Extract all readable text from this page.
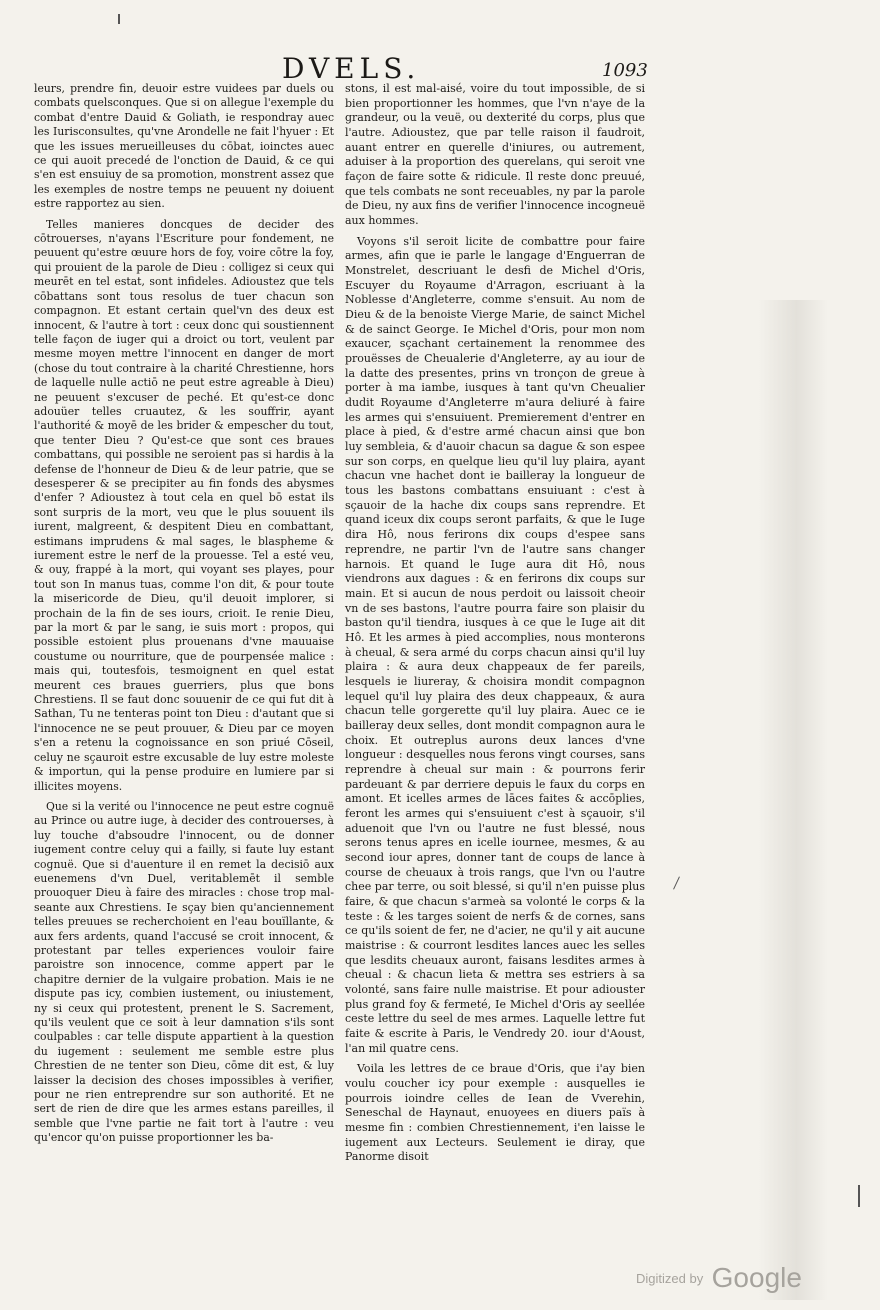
DVELS.	1093

leurs, prendre fin, deuoir estre vuidees par duels ou combats quelsconques. Que si on allegue l'exemple du combat d'entre Dauid & Goliath, ie respondray auec les Iurisconsultes, qu'vne Arondelle ne fait l'hyuer : Et que les issues merueilleuses du cōbat, ioinctes auec ce qui auoit precedé de l'onction de Dauid, & ce qui s'en est ensuiuy de sa promotion, monstrent assez que les exemples de nostre temps ne peuuent ny doiuent estre rapportez au sien.

Telles manieres doncques de decider des cōtrouerses, n'ayans l'Escriture pour fondement, ne peuuent qu'estre œuure hors de foy, voire cōtre la foy, qui prouient de la parole de Dieu : colligez si ceux qui meurēt en tel estat, sont infideles. Adioustez que tels cōbattans sont tous resolus de tuer chacun son compagnon. Et estant certain quel'vn des deux est innocent, & l'autre à tort : ceux donc qui soustiennent telle façon de iuger qui a droict ou tort, veulent par mesme moyen mettre l'innocent en danger de mort (chose du tout contraire à la charité Chrestienne, hors de laquelle nulle actiō ne peut estre agreable à Dieu) ne peuuent s'excuser de peché. Et qu'est-ce donc adouüer telles cruautez, & les souffrir, ayant l'authorité & moyē de les brider & empescher du tout, que tenter Dieu ? Qu'est-ce que sont ces braues combattans, qui possible ne seroient pas si hardis à la defense de l'honneur de Dieu & de leur patrie, que se desesperer & se precipiter au fin fonds des abysmes d'enfer ? Adioustez à tout cela en quel bō estat ils sont surpris de la mort, veu que le plus souuent ils iurent, malgreent, & despitent Dieu en combattant, estimans imprudens & mal sages, le blaspheme & iurement estre le nerf de la prouesse. Tel a esté veu, & ouy, frappé à la mort, qui voyant ses playes, pour tout son In manus tuas, comme l'on dit, & pour toute la misericorde de Dieu, qu'il deuoit implorer, si prochain de la fin de ses iours, crioit. Ie renie Dieu, par la mort & par le sang, ie suis mort : propos, qui possible estoient plus prouenans d'vne mauuaise coustume ou nourriture, que de pourpensée malice : mais qui, toutesfois, tesmoignent en quel estat meurent ces braues guerriers, plus que bons Chrestiens. Il se faut donc souuenir de ce qui fut dit à Sathan, Tu ne tenteras point ton Dieu : d'autant que si l'innocence ne se peut prouuer, & Dieu par ce moyen s'en a retenu la cognoissance en son priué Cōseil, celuy ne sçauroit estre excusable de luy estre moleste & importun, qui la pense produire en lumiere par si illicites moyens.

Que si la verité ou l'innocence ne peut estre cognuë au Prince ou autre iuge, à decider des controuerses, à luy touche d'absoudre l'innocent, ou de donner iugement contre celuy qui a failly, si faute luy estant cognuë. Que si d'auenture il en remet la decisiō aux euenemens d'vn Duel, veritablemēt il semble prouoquer Dieu à faire des miracles : chose trop mal-seante aux Chrestiens. Ie sçay bien qu'anciennement telles preuues se recherchoient en l'eau bouïllante, & aux fers ardents, quand l'accusé se croit innocent, & protestant par telles experiences vouloir faire paroistre son innocence, comme appert par le chapitre dernier de la vulgaire probation. Mais ie ne dispute pas icy, combien iustement, ou iniustement, ny si ceux qui protestent, prenent le S. Sacrement, qu'ils veulent que ce soit à leur damnation s'ils sont coulpables : car telle dispute appartient à la question du iugement : seulement me semble estre plus Chrestien de ne tenter son Dieu, cōme dit est, & luy laisser la decision des choses impossibles à verifier, pour ne rien entreprendre sur son authorité. Et ne sert de rien de dire que les armes estans pareilles, il semble que l'vne partie ne fait tort à l'autre : veu qu'encor qu'on puisse proportionner les ba-

stons, il est mal-aisé, voire du tout impossible, de si bien proportionner les hommes, que l'vn n'aye de la grandeur, ou la veuë, ou dexterité du corps, plus que l'autre. Adioustez, que par telle raison il faudroit, auant entrer en querelle d'iniures, ou autrement, aduiser à la proportion des querelans, qui seroit vne façon de faire sotte & ridicule. Il reste donc preuué, que tels combats ne sont receuables, ny par la parole de Dieu, ny aux fins de verifier l'innocence incogneuë aux hommes.

Voyons s'il seroit licite de combattre pour faire armes, afin que ie parle le langage d'Enguerran de Monstrelet, descriuant le desfi de Michel d'Oris, Escuyer du Royaume d'Arragon, escriuant à la Noblesse d'Angleterre, comme s'ensuit. Au nom de Dieu & de la benoiste Vierge Marie, de sainct Michel & de sainct George. Ie Michel d'Oris, pour mon nom exaucer, sçachant certainement la renommee des prouësses de Cheualerie d'Angleterre, ay au iour de la datte des presentes, prins vn tronçon de greue à porter à ma iambe, iusques à tant qu'vn Cheualier dudit Royaume d'Angleterre m'aura deliuré à faire les armes qui s'ensuiuent. Premierement d'entrer en place à pied, & d'estre armé chacun ainsi que bon luy sembleia, & d'auoir chacun sa dague & son espee sur son corps, en quelque lieu qu'il luy plaira, ayant chacun vne hachet dont ie bailleray la longueur de tous les bastons combattans ensuiuant : c'est à sçauoir de la hache dix coups sans reprendre. Et quand iceux dix coups seront parfaits, & que le Iuge dira Hô, nous ferirons dix coups d'espee sans reprendre, ne partir l'vn de l'autre sans changer harnois. Et quand le Iuge aura dit Hô, nous viendrons aux dagues : & en ferirons dix coups sur main. Et si aucun de nous perdoit ou laissoit cheoir vn de ses bastons, l'autre pourra faire son plaisir du baston qu'il tiendra, iusques à ce que le Iuge ait dit Hô. Et les armes à pied accomplies, nous monterons à cheual, & sera armé du corps chacun ainsi qu'il luy plaira : & aura deux chappeaux de fer pareils, lesquels ie liureray, & choisira mondit compagnon lequel qu'il luy plaira des deux chappeaux, & aura chacun telle gorgerette qu'il luy plaira. Auec ce ie bailleray deux selles, dont mondit compagnon aura le choix. Et outreplus aurons deux lances d'vne longueur : desquelles nous ferons vingt courses, sans reprendre à cheual sur main : & pourrons ferir pardeuant & par derriere depuis le faux du corps en amont. Et icelles armes de lāces faites & accōplies, feront les armes qui s'ensuiuent c'est à sçauoir, s'il aduenoit que l'vn ou l'autre ne fust blessé, nous serons tenus apres en icelle iournee, mesmes, & au second iour apres, donner tant de coups de lance à course de cheuaux à trois rangs, que l'vn ou l'autre chee par terre, ou soit blessé, si qu'il n'en puisse plus faire, & que chacun s'armeà sa volonté le corps & la teste : & les targes soient de nerfs & de cornes, sans ce qu'ils soient de fer, ne d'acier, ne qu'il y ait aucune maistrise : & courront lesdites lances auec les selles que lesdits cheuaux auront, faisans lesdites armes à cheual : & chacun lieta & mettra ses estriers à sa volonté, sans faire nulle maistrise. Et pour adiouster plus grand foy & fermeté, Ie Michel d'Oris ay seellée ceste lettre du seel de mes armes. Laquelle lettre fut faite & escrite à Paris, le Vendredy 20. iour d'Aoust, l'an mil quatre cens.

Voila les lettres de ce braue d'Oris, que i'ay bien voulu coucher icy pour exemple : ausquelles ie pourrois ioindre celles de Iean de Vverehin, Seneschal de Haynaut, enuoyees en diuers païs à mesme fin : combien Chrestiennement, i'en laisse le iugement aux Lecteurs. Seulement ie diray, que Panorme disoit

$^{Digitized by}$ Google
